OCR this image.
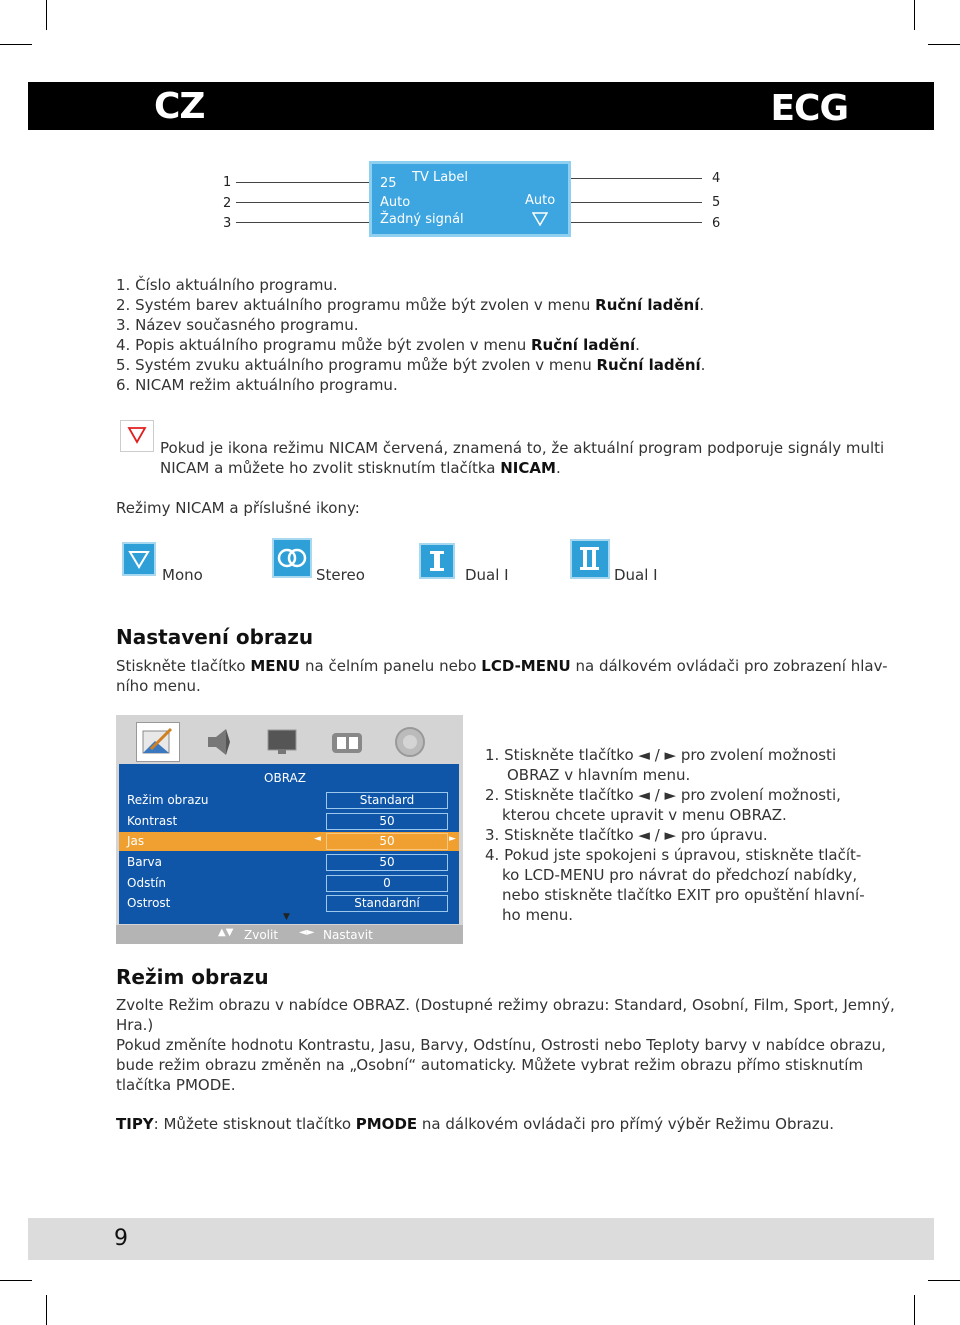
CZ	ECG
1
2
3
4
5
6
25 TV Label
Auto	Auto
Žadný signál
1. Číslo aktuálního programu.
2. Systém barev aktuálního programu může být zvolen v menu Ruční ladění.
3. Název současného programu.
4. Popis aktuálního programu může být zvolen v menu Ruční ladění.
5. Systém zvuku aktuálního programu může být zvolen v menu Ruční ladění.
6. NICAM režim aktuálního programu.
Pokud je ikona režimu NICAM červená, znamená to, že aktuální program podporuje signály multi
NICAM a můžete ho zvolit stisknutím tlačítka NICAM.
Režimy NICAM a příslušné ikony:
Mono	Stereo	Dual I	Dual I
Nastavení obrazu
Stiskněte tlačítko MENU na čelním panelu nebo LCD-MENU na dálkovém ovládači pro zobrazení hlav-
ního menu.
OBRAZ
Režim obrazu	Standard
Kontrast	50
Jas	◄	50	►
Barva	50
Odstín	0
Ostrost	Standardní
▼
▲▼ Zvolit ◄► Nastavit
1. Stiskněte tlačítko ◄ / ► pro zvolení možnosti
OBRAZ v hlavním menu.
2. Stiskněte tlačítko ◄ / ► pro zvolení možnosti,
kterou chcete upravit v menu OBRAZ.
3. Stiskněte tlačítko ◄ / ► pro úpravu.
4. Pokud jste spokojeni s úpravou, stiskněte tlačít-
ko LCD-MENU pro návrat do předchozí nabídky,
nebo stiskněte tlačítko EXIT pro opuštění hlavní-
ho menu.
Režim obrazu
Zvolte Režim obrazu v nabídce OBRAZ. (Dostupné režimy obrazu: Standard, Osobní, Film, Sport, Jemný,
Hra.)
Pokud změníte hodnotu Kontrastu, Jasu, Barvy, Odstínu, Ostrosti nebo Teploty barvy v nabídce obrazu,
bude režim obrazu změněn na „Osobní“ automaticky. Můžete vybrat režim obrazu přímo stisknutím
tlačítka PMODE.
TIPY: Můžete stisknout tlačítko PMODE na dálkovém ovládači pro přímý výběr Režimu Obrazu.
9
